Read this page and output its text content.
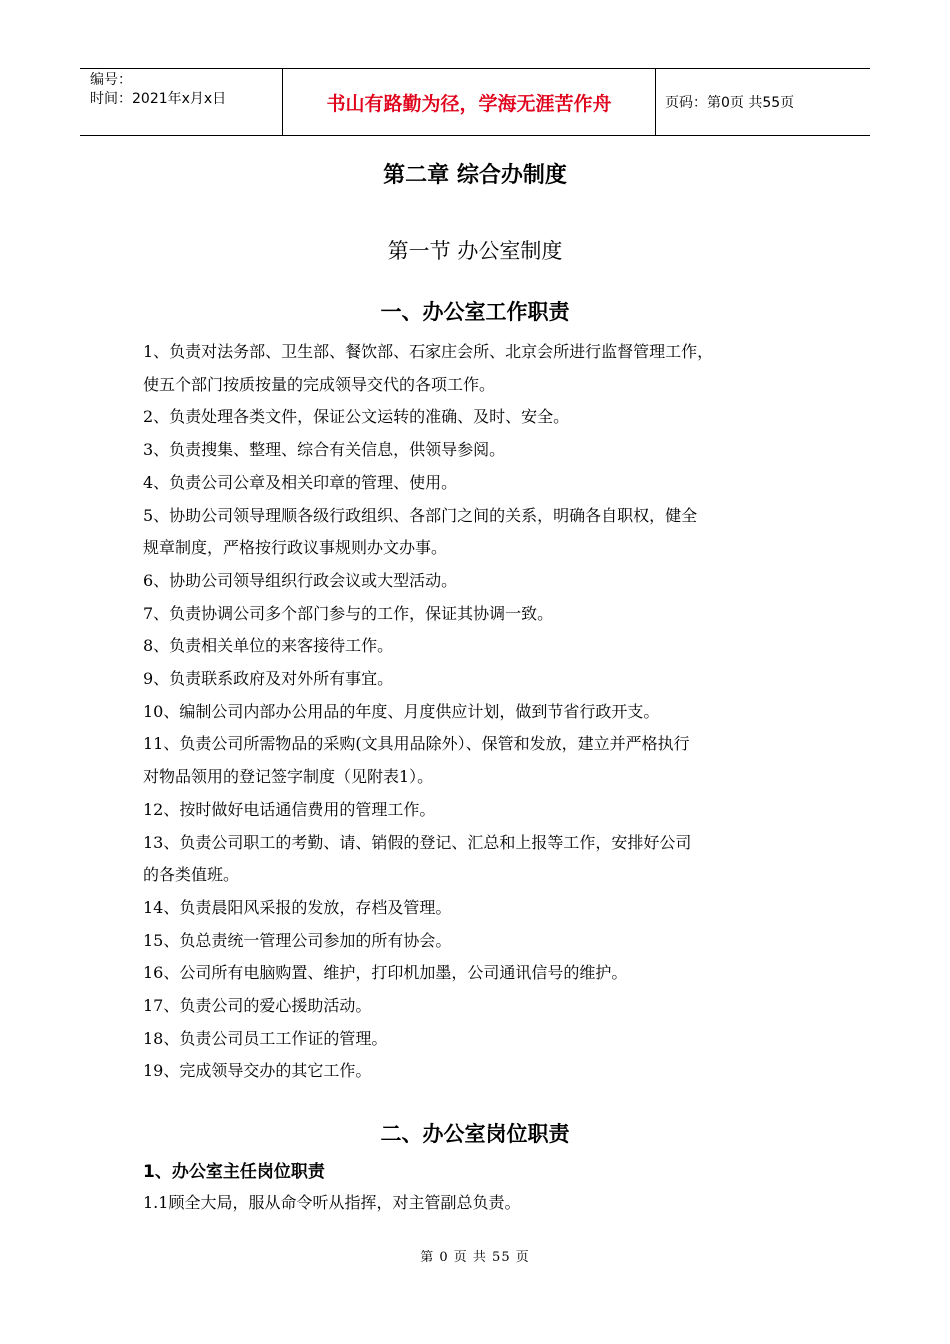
编号：
时间：2021年x月x日	书山有路勤为径，学海无涯苦作舟	页码：第0页 共55页
第二章 综合办制度
第一节 办公室制度
一、办公室工作职责
1、负责对法务部、卫生部、餐饮部、石家庄会所、北京会所进行监督管理工作，
使五个部门按质按量的完成领导交代的各项工作。
2、负责处理各类文件，保证公文运转的准确、及时、安全。
3、负责搜集、整理、综合有关信息，供领导参阅。
4、负责公司公章及相关印章的管理、使用。
5、协助公司领导理顺各级行政组织、各部门之间的关系，明确各自职权，健全
规章制度，严格按行政议事规则办文办事。
6、协助公司领导组织行政会议或大型活动。
7、负责协调公司多个部门参与的工作，保证其协调一致。
8、负责相关单位的来客接待工作。
9、负责联系政府及对外所有事宜。
10、编制公司内部办公用品的年度、月度供应计划，做到节省行政开支。
11、负责公司所需物品的采购(文具用品除外）、保管和发放，建立并严格执行
对物品领用的登记签字制度（见附表1）。
12、按时做好电话通信费用的管理工作。
13、负责公司职工的考勤、请、销假的登记、汇总和上报等工作，安排好公司
的各类值班。
14、负责晨阳风采报的发放，存档及管理。
15、负总责统一管理公司参加的所有协会。
16、公司所有电脑购置、维护，打印机加墨，公司通讯信号的维护。
17、负责公司的爱心援助活动。
18、负责公司员工工作证的管理。
19、完成领导交办的其它工作。
二、办公室岗位职责
1、办公室主任岗位职责
1.1顾全大局，服从命令听从指挥，对主管副总负责。
第 0 页 共 55 页
